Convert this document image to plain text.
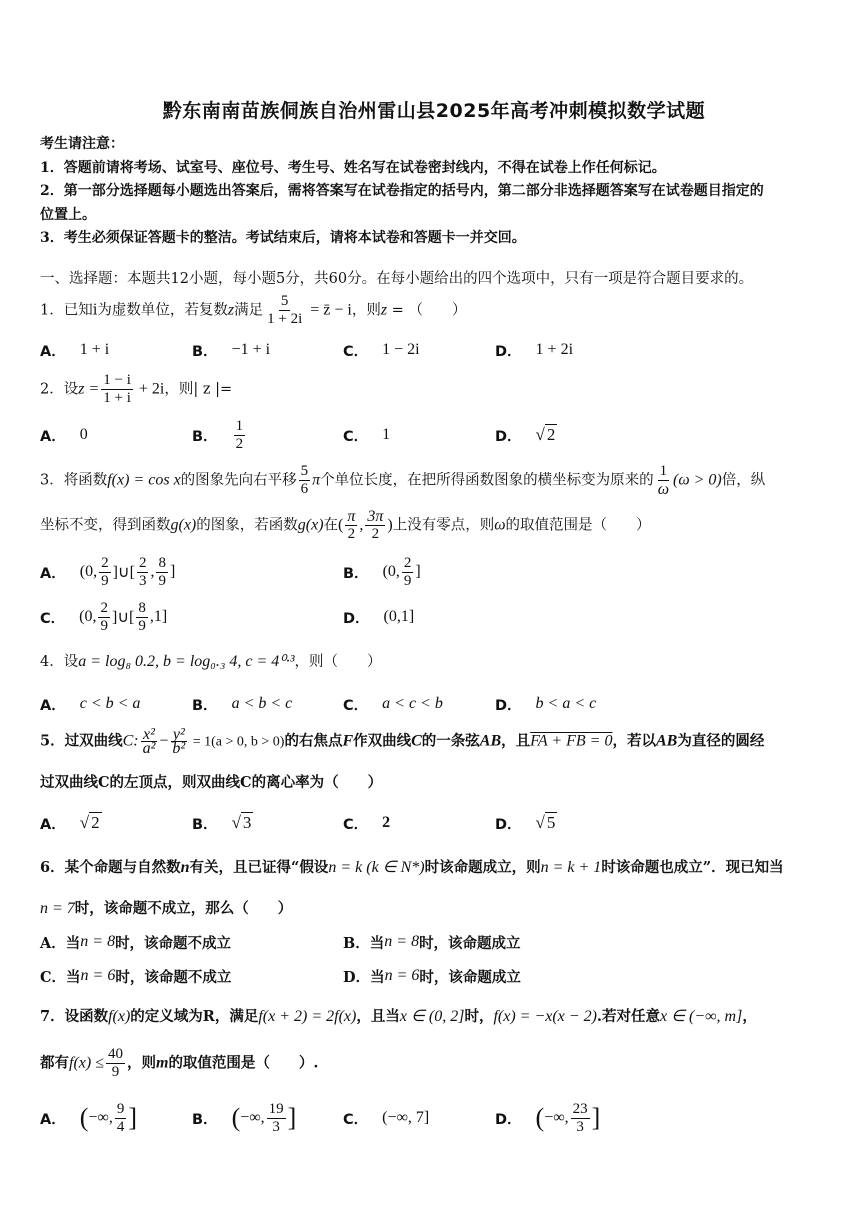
黔东南南苗族侗族自治州雷山县2025年高考冲刺模拟数学试题
考生请注意：
1．答题前请将考场、试室号、座位号、考生号、姓名写在试卷密封线内，不得在试卷上作任何标记。
2．第一部分选择题每小题选出答案后，需将答案写在试卷指定的括号内，第二部分非选择题答案写在试卷题目指定的
位置上。
3．考生必须保证答题卡的整洁。考试结束后，请将本试卷和答题卡一并交回。
一、选择题：本题共12小题，每小题5分，共60分。在每小题给出的四个选项中，只有一项是符合题目要求的。
1．已知i为虚数单位，若复数z满足 $\frac{5}{1 + 2i}$ = z̄ − i，则z = （　　）
A． 1 + i	B． −1 + i	C． 1 − 2i	D． 1 + 2i
2．设$z = \frac{1 - i}{1 + i} + 2i$，则| z |=
A． 0	B． $\frac{1}{2}$	C． 1	D． √ 2
3．将函数f(x) = cos x的图象先向右平移 $\frac{5}{6}$ π个单位长度，在把所得函数图象的横坐标变为原来的 $\frac{1}{\omega} (\omega > 0)$倍，纵
坐标不变，得到函数g(x)的图象，若函数g(x)在( $\frac{\pi}{2}$ , $\frac{3\pi}{2}$ )上没有零点，则ω的取值范围是（　　）
A． (0, $\frac{2}{9}$ ]∪[ $\frac{2}{3}$ , $\frac{8}{9}$ ]	B． (0, $\frac{2}{9}$ ]
C． (0, $\frac{2}{9}$ ]∪[ $\frac{8}{9} ,1$]	D． (0,1]
4．设a = log₈ 0.2, b = log₀.₃ 4, c = 4⁰·³，则（　　）
A． c < b < a	B． a < b < c	C． a < c < b	D． b < a < c
5．过双曲线C: $\frac{\text{x²}}{\text{a²}} - \frac{\text{y²}}{\text{b²}} = 1(a > 0$, b > 0)的右焦点F作双曲线C的一条弦AB，且FA + FB = 0，若以AB为直径的圆经
过双曲线C的左顶点，则双曲线C的离心率为（　　）
A． √ 2	B． √ 3	C． 2	D． √ 5
6．某个命题与自然数n有关，且已证得“假设n = k (k ∈ N*)时该命题成立，则n = k + 1时该命题也成立”．现已知当
n = 7时，该命题不成立，那么（　　）
A．当 n = 8 时，该命题不成立	B．当 n = 8 时，该命题成立
C．当 n = 6 时，该命题不成立	D．当 n = 6 时，该命题成立
7．设函数f(x)的定义域为R，满足f(x + 2) = 2f(x)，且当x ∈ (0, 2]时，f(x) = −x(x − 2).若对任意x ∈ (−∞, m]，
都有$f(x) \le \frac{40}{9}$ ，则m的取值范围是（　　）.
A． ( −∞, $\frac{9}{4}$ ]	B． ( −∞, $\frac{19}{3}$ ]	C． (−∞, 7]	D． ( −∞, $\frac{23}{3}$ ]
